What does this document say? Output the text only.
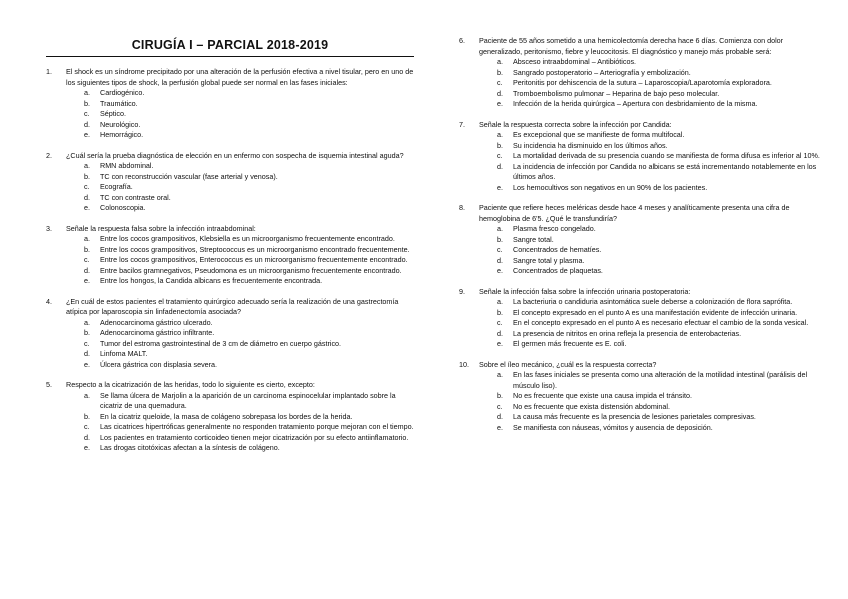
CIRUGÍA I – PARCIAL 2018-2019
1.	El shock es un síndrome precipitado por una alteración de la perfusión efectiva a nivel tisular, pero en uno de los siguientes tipos de shock, la perfusión global puede ser normal en las fases iniciales:

a. Cardiogénico.
b. Traumático.
c. Séptico.
d. Neurológico.
e. Hemorrágico.
2.	¿Cuál sería la prueba diagnóstica de elección en un enfermo con sospecha de isquemia intestinal aguda?

a. RMN abdominal.
b. TC con reconstrucción vascular (fase arterial y venosa).
c. Ecografía.
d. TC con contraste oral.
e. Colonoscopia.
3.	Señale la respuesta falsa sobre la infección intraabdominal:

a. Entre los cocos grampositivos, Klebsiella es un microorganismo frecuentemente encontrado.
b. Entre los cocos grampositivos, Streptococcus es un microorganismo encontrado frecuentemente.
c. Entre los cocos grampositivos, Enterococcus es un microorganismo frecuentemente encontrado.
d. Entre bacilos gramnegativos, Pseudomona es un microorganismo frecuentemente encontrado.
e. Entre los hongos, la Candida albicans es frecuentemente encontrada.
4.	¿En cuál de estos pacientes el tratamiento quirúrgico adecuado sería la realización de una gastrectomía atípica por laparoscopia sin linfadenectomía asociada?

a. Adenocarcinoma gástrico ulcerado.
b. Adenocarcinoma gástrico infiltrante.
c. Tumor del estroma gastrointestinal de 3 cm de diámetro en cuerpo gástrico.
d. Linfoma MALT.
e. Úlcera gástrica con displasia severa.
5.	Respecto a la cicatrización de las heridas, todo lo siguiente es cierto, excepto:

a. Se llama úlcera de Marjolin a la aparición de un carcinoma espinocelular implantado sobre la cicatriz de una quemadura.
b. En la cicatriz queloide, la masa de colágeno sobrepasa los bordes de la herida.
c. Las cicatrices hipertróficas generalmente no responden tratamiento porque mejoran con el tiempo.
d. Los pacientes en tratamiento corticoideo tienen mejor cicatrización por su efecto antiinflamatorio.
e. Las drogas citotóxicas afectan a la síntesis de colágeno.
6.	Paciente de 55 años sometido a una hemicolectomía derecha hace 6 días. Comienza con dolor generalizado, peritonismo, fiebre y leucocitosis. El diagnóstico y manejo más probable será:

a. Absceso intraabdominal – Antibióticos.
b. Sangrado postoperatorio – Arteriografía y embolización.
c. Peritonitis por dehiscencia de la sutura – Laparoscopia/Laparotomía exploradora.
d. Tromboembolismo pulmonar – Heparina de bajo peso molecular.
e. Infección de la herida quirúrgica – Apertura con desbridamiento de la misma.
7.	Señale la respuesta correcta sobre la infección por Candida:

a. Es excepcional que se manifieste de forma multifocal.
b. Su incidencia ha disminuido en los últimos años.
c. La mortalidad derivada de su presencia cuando se manifiesta de forma difusa es inferior al 10%.
d. La incidencia de infección por Candida no albicans se está incrementando notablemente en los últimos años.
e. Los hemocultivos son negativos en un 90% de los pacientes.
8.	Paciente que refiere heces meléricas desde hace 4 meses y analíticamente presenta una cifra de hemoglobina de 6'5. ¿Qué le transfundiría?

a. Plasma fresco congelado.
b. Sangre total.
c. Concentrados de hematíes.
d. Sangre total y plasma.
e. Concentrados de plaquetas.
9.	Señale la infección falsa sobre la infección urinaria postoperatoria:

a. La bacteriuria o candiduria asintomática suele deberse a colonización de flora saprófita.
b. El concepto expresado en el punto A es una manifestación evidente de infección urinaria.
c. En el concepto expresado en el punto A es necesario efectuar el cambio de la sonda vesical.
d. La presencia de nitritos en orina refleja la presencia de enterobacterias.
e. El germen más frecuente es E. coli.
10.	Sobre el íleo mecánico, ¿cuál es la respuesta correcta?

a. En las fases iniciales se presenta como una alteración de la motilidad intestinal (parálisis del músculo liso).
b. No es frecuente que existe una causa impida el tránsito.
c. No es frecuente que exista distensión abdominal.
d. La causa más frecuente es la presencia de lesiones parietales compresivas.
e. Se manifiesta con náuseas, vómitos y ausencia de deposición.
